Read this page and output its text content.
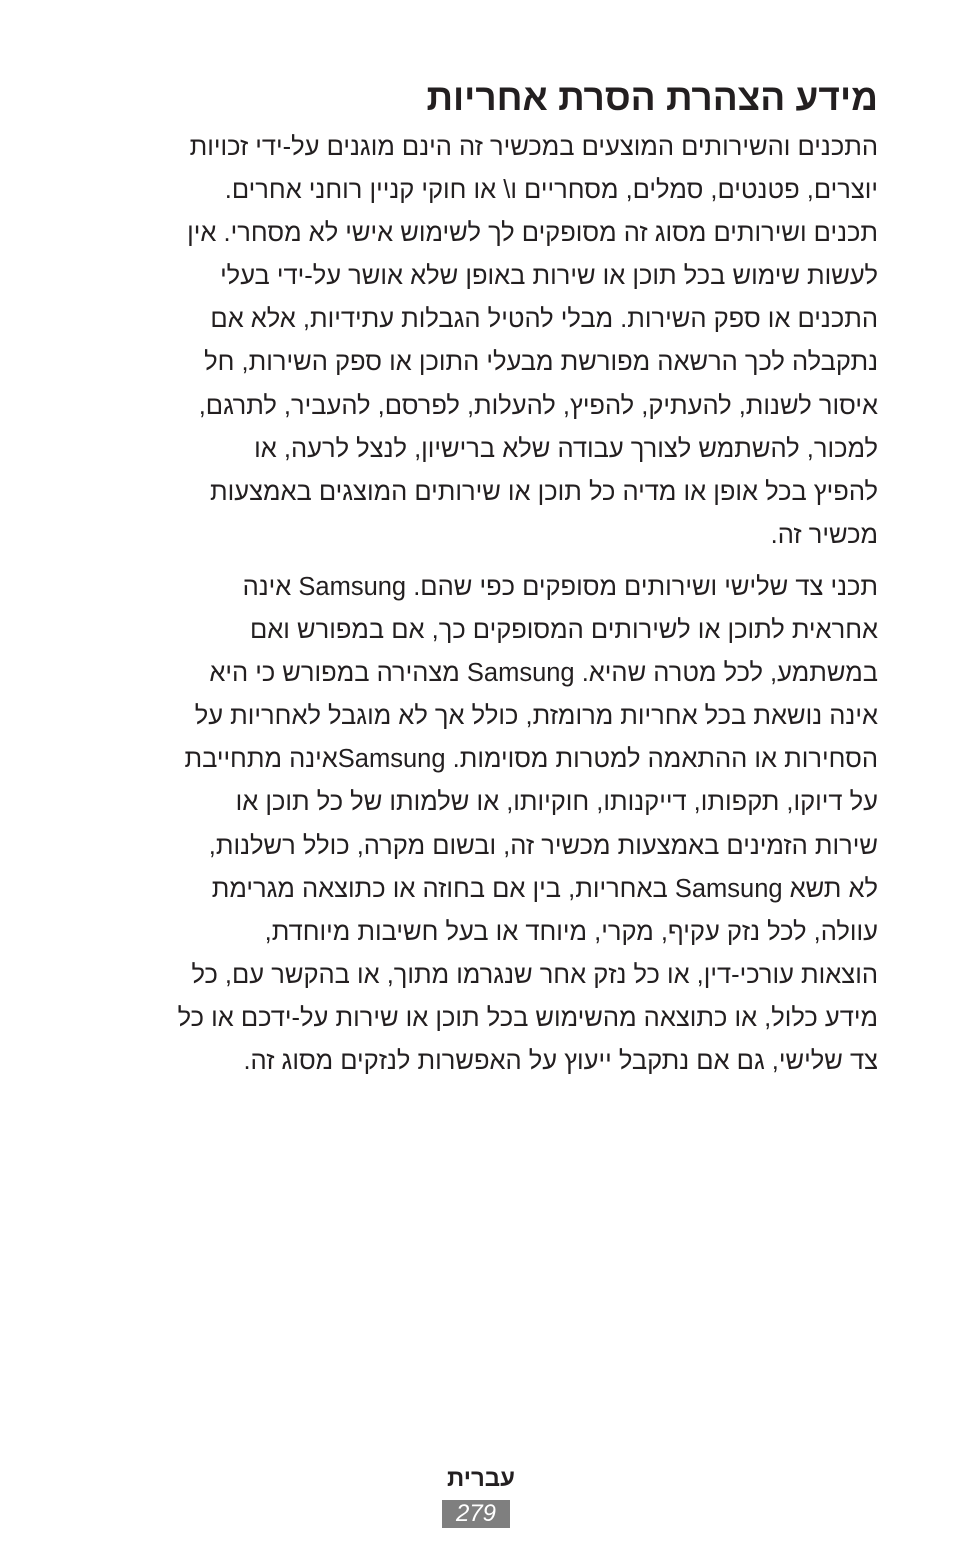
מידע הצהרת הסרת אחריות

התכנים והשירותים המוצעים במכשיר זה הינם מוגנים על-ידי זכויות
יוצרים, פטנטים, סמלים, מסחריים ו\ או חוקי קניין רוחני אחרים.
תכנים ושירותים מסוג זה מסופקים לך לשימוש אישי לא מסחרי. אין
לעשות שימוש בכל תוכן או שירות באופן שלא אושר על-ידי בעלי
התכנים או ספק השירות. מבלי להטיל הגבלות עתידיות, אלא אם
נתקבלה לכך הרשאה מפורשת מבעלי התוכן או ספק השירות, חל
איסור לשנות, להעתיק, להפיץ, להעלות, לפרסם, להעביר, לתרגם,
למכור, להשתמש לצורך עבודה שלא ברישיון, לנצל לרעה, או
להפיץ בכל אופן או מדיה כל תוכן או שירותים המוצגים באמצעות
מכשיר זה.

תכני צד שלישי ושירותים מסופקים כפי שהם. Samsung אינה
אחראית לתוכן או לשירותים המסופקים כך, אם במפורש ואם
במשתמע, לכל מטרה שהיא. Samsung מצהירה במפורש כי היא
אינה נושאת בכל אחריות מרומזת, כולל אך לא מוגבל לאחריות על
הסחירות או ההתאמה למטרות מסוימות. Samsungאינה מתחייבת
על דיוקו, תקפותו, דייקנותו, חוקיותו, או שלמותו של כל תוכן או
שירות הזמינים באמצעות מכשיר זה, ובשום מקרה, כולל רשלנות,
לא תשא Samsung באחריות, בין אם בחוזה או כתוצאה מגרימת
עוולה, לכל נזק עקיף, מקרי, מיוחד או בעל חשיבות מיוחדת,
הוצאות עורכי-דין, או כל נזק אחר שנגרמו מתוך, או בהקשר עם, כל
מידע כלול, או כתוצאה מהשימוש בכל תוכן או שירות על-ידכם או כל
צד שלישי, גם אם נתקבל ייעוץ על האפשרות לנזקים מסוג זה.

עברית
279
